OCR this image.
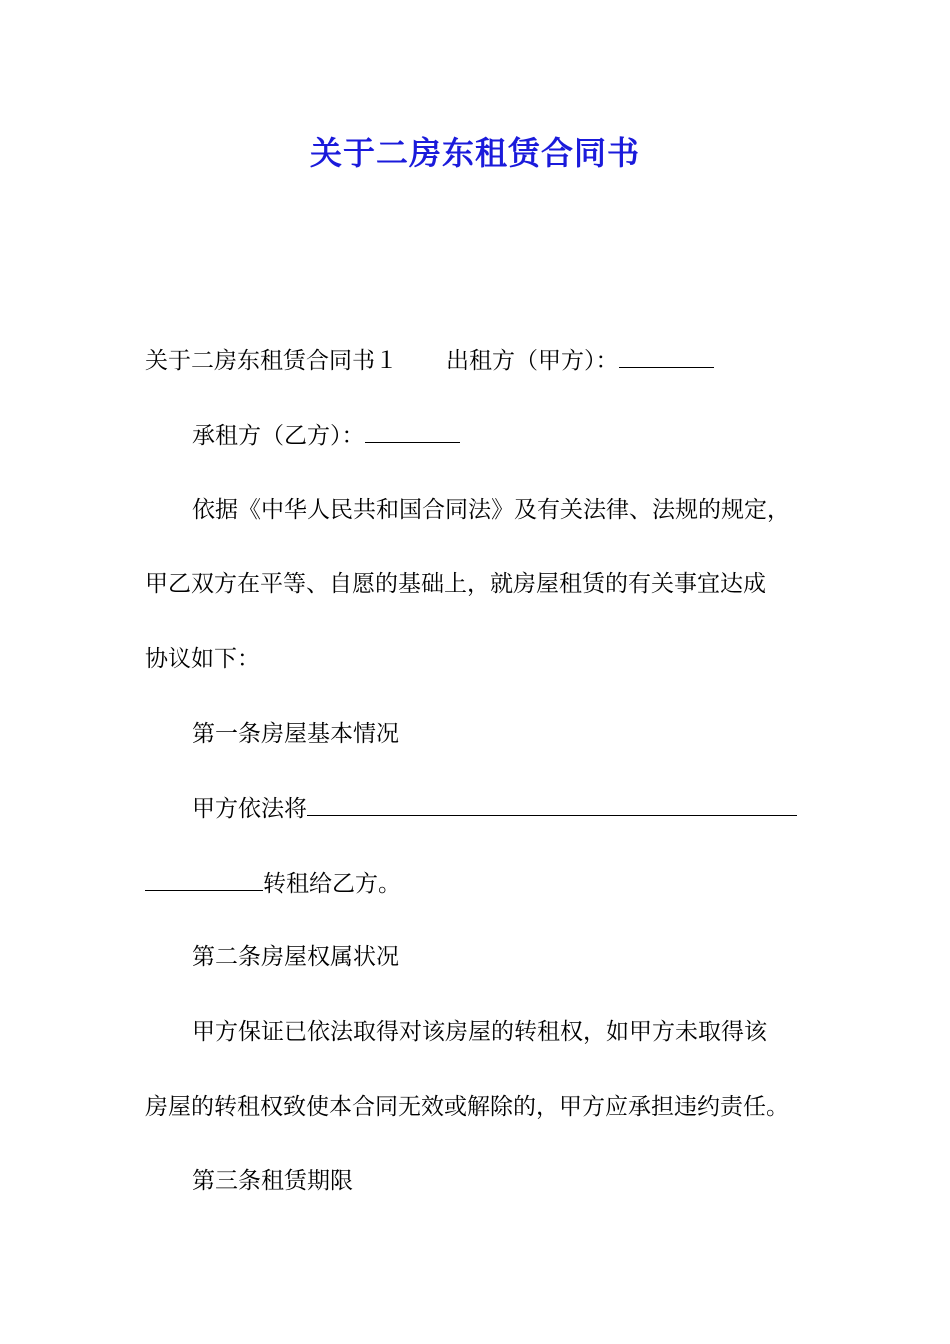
关于二房东租赁合同书
关于二房东租赁合同书１ 出租方（甲方）：
承租方（乙方）：
依据《中华人民共和国合同法》及有关法律、法规的规定，
甲乙双方在平等、自愿的基础上，就房屋租赁的有关事宜达成
协议如下：
第一条房屋基本情况
甲方依法将
转租给乙方。
第二条房屋权属状况
甲方保证已依法取得对该房屋的转租权，如甲方未取得该
房屋的转租权致使本合同无效或解除的，甲方应承担违约责任。
第三条租赁期限
